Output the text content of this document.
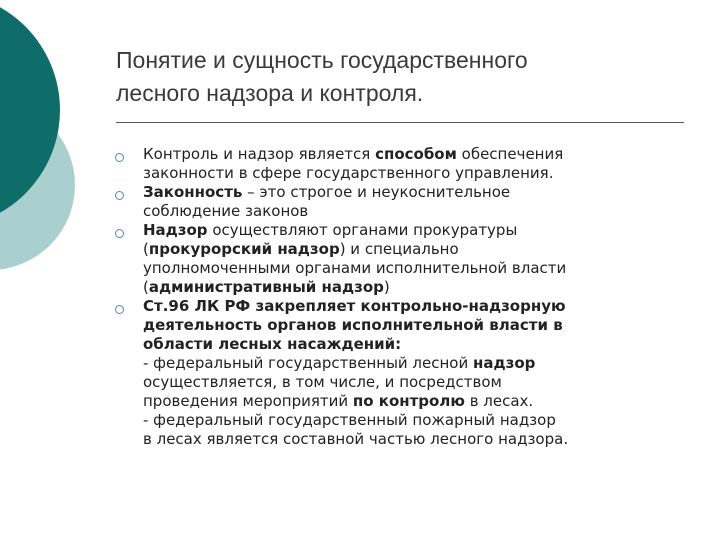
Понятие и сущность государственного
лесного надзора и контроля.
Контроль и надзор является способом обеспечения
законности в сфере государственного управления.
Законность – это строгое и неукоснительное
соблюдение законов
Надзор осуществляют органами прокуратуры
(прокурорский надзор) и специально
уполномоченными органами исполнительной власти
(административный надзор)
Ст.96 ЛК РФ закрепляет контрольно-надзорную
деятельность органов исполнительной власти в
области лесных насаждений:
- федеральный государственный лесной надзор
осуществляется, в том числе, и посредством
проведения мероприятий по контролю в лесах.
- федеральный государственный пожарный надзор
в лесах является составной частью лесного надзора.
